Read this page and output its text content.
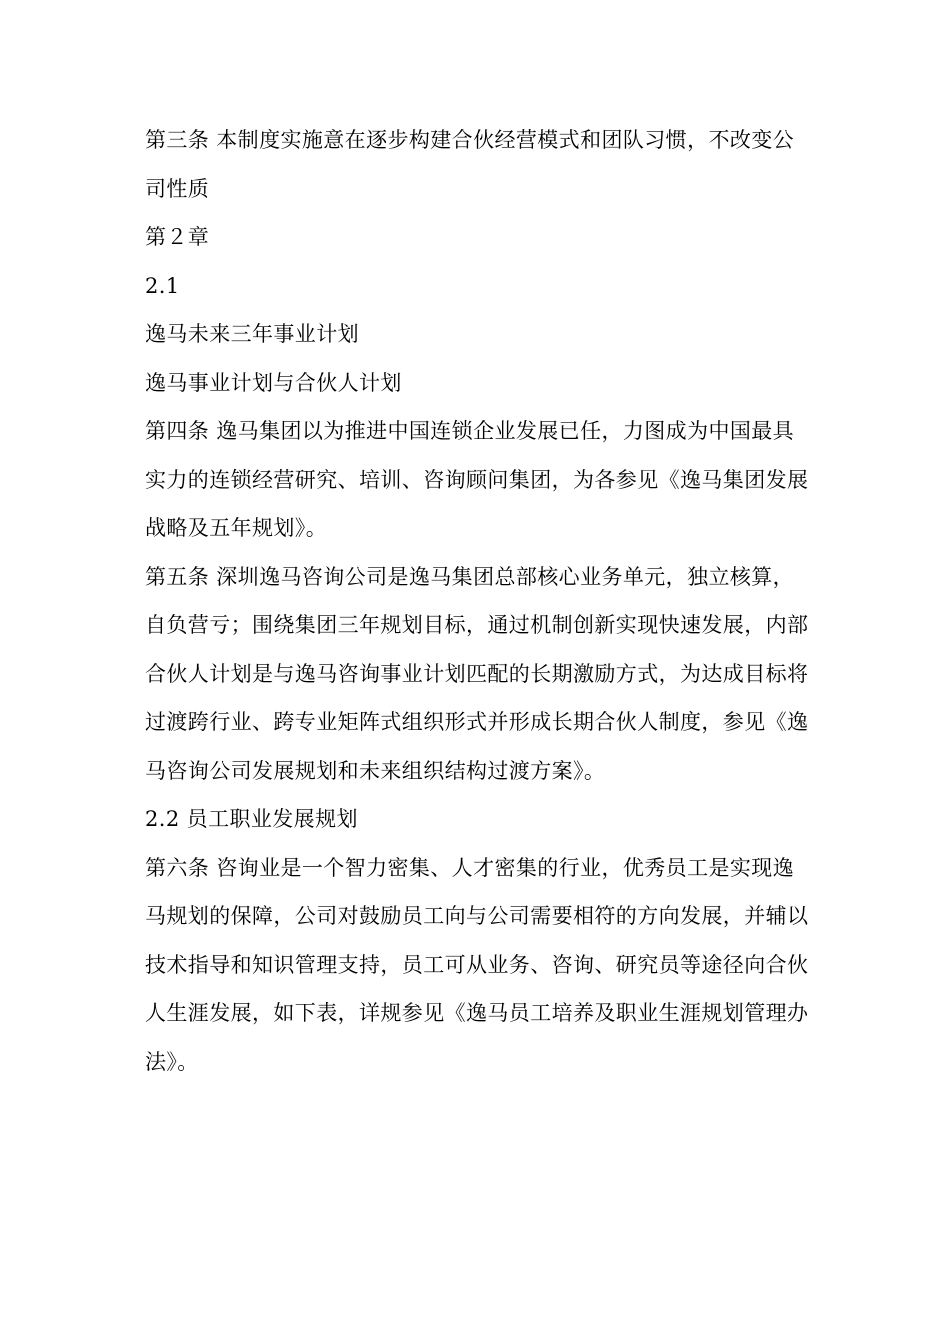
第三条 本制度实施意在逐步构建合伙经营模式和团队习惯，不改变公
司性质
第２章
2.1
逸马未来三年事业计划
逸马事业计划与合伙人计划
第四条 逸马集团以为推进中国连锁企业发展已任，力图成为中国最具
实力的连锁经营研究、培训、咨询顾问集团，为各参见《逸马集团发展
战略及五年规划》。
第五条 深圳逸马咨询公司是逸马集团总部核心业务单元，独立核算，
自负营亏；围绕集团三年规划目标，通过机制创新实现快速发展，内部
合伙人计划是与逸马咨询事业计划匹配的长期激励方式，为达成目标将
过渡跨行业、跨专业矩阵式组织形式并形成长期合伙人制度，参见《逸
马咨询公司发展规划和未来组织结构过渡方案》。
2.2 员工职业发展规划
第六条 咨询业是一个智力密集、人才密集的行业，优秀员工是实现逸
马规划的保障，公司对鼓励员工向与公司需要相符的方向发展，并辅以
技术指导和知识管理支持，员工可从业务、咨询、研究员等途径向合伙
人生涯发展，如下表，详规参见《逸马员工培养及职业生涯规划管理办
法》。
